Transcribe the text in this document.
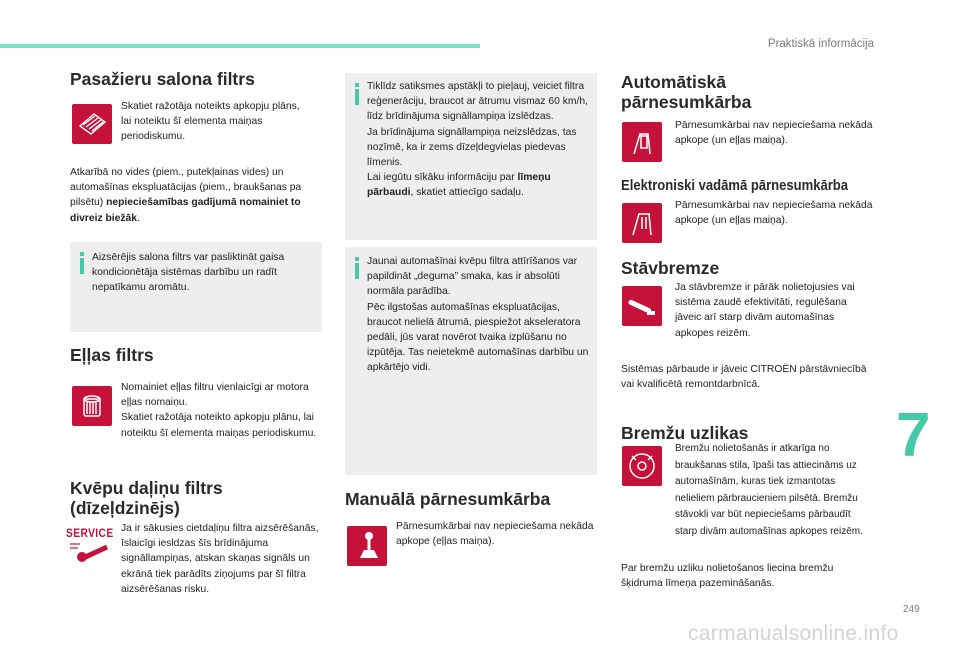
Praktiskā informācija
7
249
carmanualsonline.info
Pasažieru salona filtrs

Skatiet ražotāja noteikts apkopju plāns, lai noteiktu šī elementa maiņas periodiskumu.

Atkarībā no vides (piem., putekļainas vides) un automašīnas ekspluatācijas (piem., braukšanas pa pilsētu) nepieciešamības gadījumā nomainiet to divreiz biežāk.

Aizsērējis salona filtrs var pasliktināt gaisa kondicionētāja sistēmas darbību un radīt nepatīkamu aromātu.

Eļļas filtrs

Nomainiet eļļas filtru vienlaicīgi ar motora eļļas nomaiņu.
Skatiet ražotāja noteikto apkopju plānu, lai noteiktu šī elementa maiņas periodiskumu.

Kvēpu daļiņu filtrs
(dīzeļdzinējs)
SERVICE Ja ir sākusies cietdaļiņu filtra aizsērēšanās, īslaicīgi iesldzas šīs brīdinājuma signāllampiņas, atskan skaņas signāls un ekrānā tiek parādīts ziņojums par šī filtra aizsērēšanas risku.

Tiklīdz satiksmes apstākļi to pieļauj, veiciet filtra reģenerāciju, braucot ar ātrumu vismaz 60 km/h, līdz brīdinājuma signāllampiņa izslēdzas.
Ja brīdinājuma signāllampiņa neizslēdzas, tas nozīmē, ka ir zems dīzeļdegvielas piedevas līmenis.
Lai iegūtu sīkāku informāciju par līmeņu pārbaudi, skatiet attiecīgo sadaļu.

Jaunai automašīnai kvēpu filtra attīrīšanos var papildināt „deguma” smaka, kas ir absolūti normāla parādība.
Pēc ilgstošas automašīnas ekspluatācijas, braucot nelielā ātrumā, piespiežot akseleratora pedāli, jūs varat novērot tvaika izplūšanu no izpūtēja. Tas neietekmē automašīnas darbību un apkārtējo vidi.

Manuālā pārnesumkārba

Pārnesumkārbai nav nepieciešama nekāda apkope (eļļas maiņa).

Automātiskā
pārnesumkārba

Pārnesumkārbai nav nepieciešama nekāda apkope (un eļļas maiņa).

Elektroniski vadāmā pārnesumkārba

Pārnesumkārbai nav nepieciešama nekāda apkope (un eļļas maiņa).

Stāvbremze

Ja stāvbremze ir pārāk nolietojusies vai sistēma zaudē efektivitāti, regulēšana jāveic arī starp divām automašīnas apkopes reizēm.

Sistēmas pārbaude ir jāveic CITROËN pārstāvniecībā vai kvalificētā remontdarbnīcā.

Bremžu uzlikas

Bremžu nolietošanās ir atkarīga no braukšanas stila, īpaši tas attiecināms uz automašīnām, kuras tiek izmantotas nelieliem pārbraucieniem pilsētā. Bremžu stāvokli var būt nepieciešams pārbaudīt starp divām automašīnas apkopes reizēm.

Par bremžu uzliku nolietošanos liecina bremžu šķidruma līmeņa pazemināšanās.
